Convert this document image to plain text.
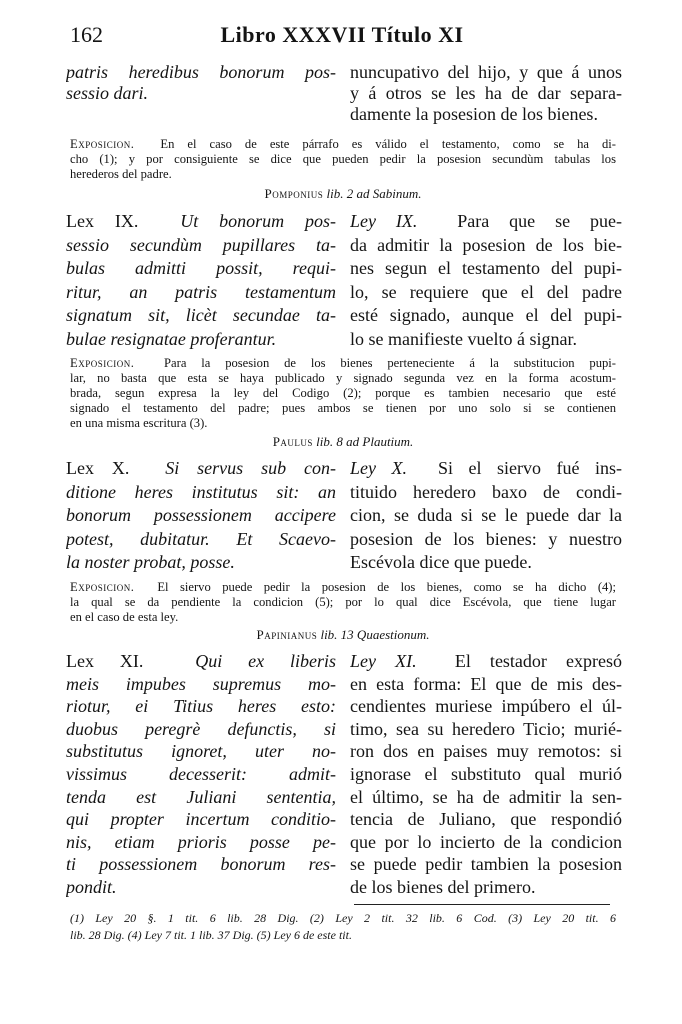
162	Libro XXXVII Título XI
patris heredibus bonorum pos-
sessio dari.
nuncupativo del hijo, y que á unos
y á otros se les ha de dar separa-
damente la posesion de los bienes.
Exposicion. En el caso de este párrafo es válido el testamento, como se ha di-
cho (1); y por consiguiente se dice que pueden pedir la posesion secundùm tabulas los
herederos del padre.
Pomponius lib. 2 ad Sabinum.
Lex IX. Ut bonorum pos-
sessio secundùm pupillares ta-
bulas admitti possit, requi-
ritur, an patris testamentum
signatum sit, licèt secundae ta-
bulae resignatae proferantur.
Ley IX. Para que se pue-
da admitir la posesion de los bie-
nes segun el testamento del pupi-
lo, se requiere que el del padre
esté signado, aunque el del pupi-
lo se manifieste vuelto á signar.
Exposicion. Para la posesion de los bienes perteneciente á la substitucion pupi-
lar, no basta que esta se haya publicado y signado segunda vez en la forma acostum-
brada, segun expresa la ley del Codigo (2); porque es tambien necesario que esté
signado el testamento del padre; pues ambos se tienen por uno solo si se contienen
en una misma escritura (3).
Paulus lib. 8 ad Plautium.
Lex X. Si servus sub con-
ditione heres institutus sit: an
bonorum possessionem accipere
potest, dubitatur. Et Scaevo-
la noster probat, posse.
Ley X. Si el siervo fué ins-
tituido heredero baxo de condi-
cion, se duda si se le puede dar la
posesion de los bienes: y nuestro
Escévola dice que puede.
Exposicion. El siervo puede pedir la posesion de los bienes, como se ha dicho (4);
la qual se da pendiente la condicion (5); por lo qual dice Escévola, que tiene lugar
en el caso de esta ley.
Papinianus lib. 13 Quaestionum.
Lex XI.	Qui ex liberis
meis impubes supremus mo-
riotur, ei Titius heres esto:
duobus peregrè defunctis, si
substitutus ignoret, uter no-
vissimus decesserit: admit-
tenda est Juliani sententia,
qui propter incertum conditio-
nis, etiam prioris posse pe-
ti possessionem bonorum res-
pondit.
Ley XI. El testador expresó
en esta forma: El que de mis des-
cendientes muriese impúbero el úl-
timo, sea su heredero Ticio; murié-
ron dos en paises muy remotos: si
ignorase el substituto qual murió
el último, se ha de admitir la sen-
tencia de Juliano, que respondió
que por lo incierto de la condicion
se puede pedir tambien la posesion
de los bienes del primero.
(1) Ley 20 §. 1 tit. 6 lib. 28 Dig. (2) Ley 2 tit. 32 lib. 6 Cod. (3) Ley 20 tit. 6
lib. 28 Dig. (4) Ley 7 tit. 1 lib. 37 Dig. (5) Ley 6 de este tit.
